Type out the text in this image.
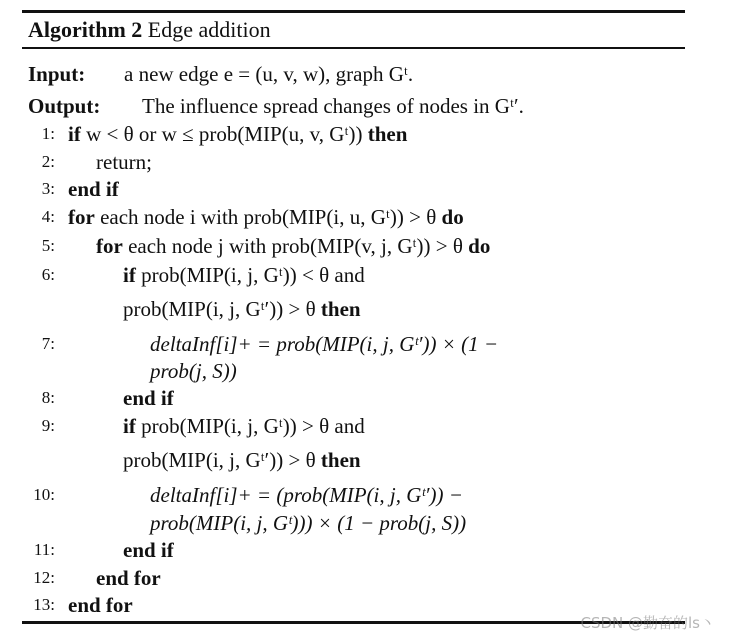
Algorithm 2 Edge addition
Input: a new edge e = (u, v, w), graph Gᵗ.
Output: The influence spread changes of nodes in Gᵗ′.
1: if w < θ or w ≤ prob(MIP(u, v, Gᵗ)) then
2: return;
3: end if
4: for each node i with prob(MIP(i, u, Gᵗ)) > θ do
5: for each node j with prob(MIP(v, j, Gᵗ)) > θ do
6:	if prob(MIP(i, j, Gᵗ)) < θ and
prob(MIP(i, j, Gᵗ′)) > θ then
7:	deltaInf[i]+ = prob(MIP(i, j, Gᵗ′)) × (1 −
prob(j, S))
8:	end if
9:	if prob(MIP(i, j, Gᵗ)) > θ and
prob(MIP(i, j, Gᵗ′)) > θ then
10:	deltaInf[i]+ = (prob(MIP(i, j, Gᵗ′)) −
prob(MIP(i, j, Gᵗ))) × (1 − prob(j, S))
11:	end if
12: end for
13: end for
CSDN @勤奋的ls丶
